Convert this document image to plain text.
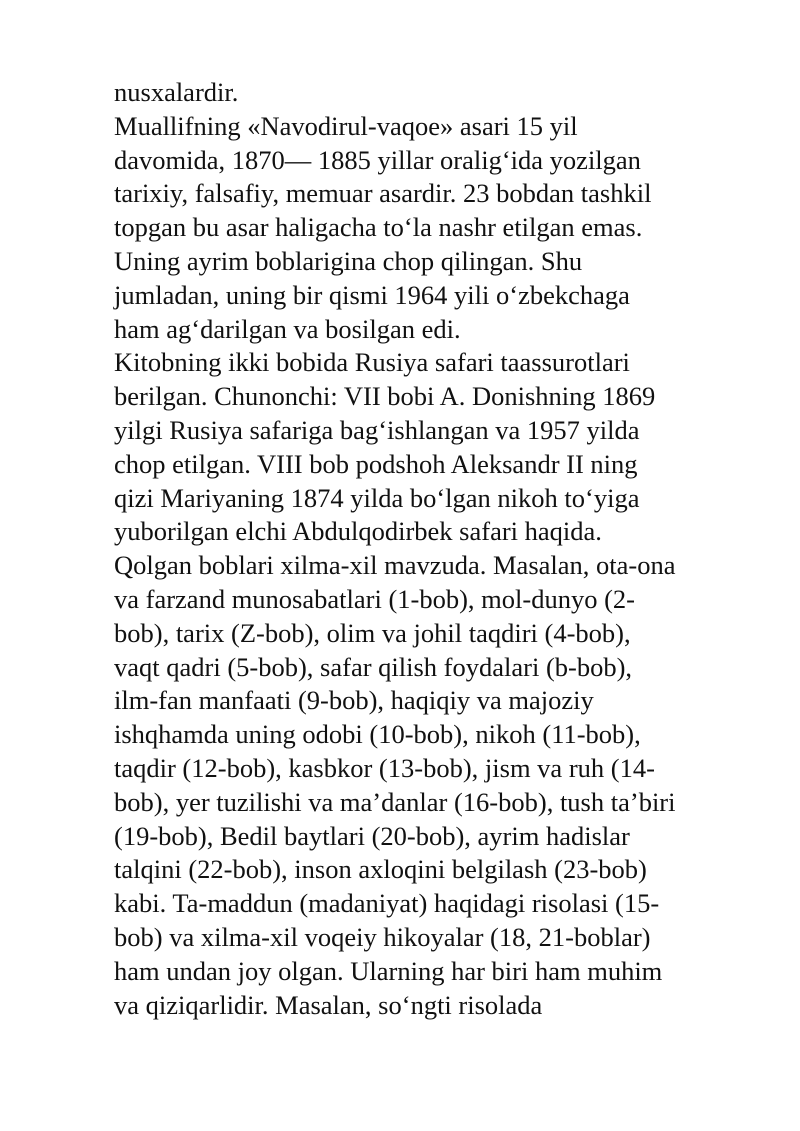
nusxalardir.
Muallifning «Navodirul-vaqoe» asari 15 yil
davomida, 1870— 1885 yillar oralig‘ida yozilgan
tarixiy, falsafiy, memuar asardir. 23 bobdan tashkil
topgan bu asar haligacha to‘la nashr etilgan emas.
Uning ayrim boblarigina chop qilingan. Shu
jumladan, uning bir qismi 1964 yili o‘zbekchaga
ham ag‘darilgan va bosilgan edi.
Kitobning ikki bobida Rusiya safari taassurotlari
berilgan. Chunonchi: VII bobi A. Donishning 1869
yilgi Rusiya safariga bag‘ishlangan va 1957 yilda
chop etilgan. VIII bob podshoh Aleksandr II ning
qizi Mariyaning 1874 yilda bo‘lgan nikoh to‘yiga
yuborilgan elchi Abdulqodirbek safari haqida.
Qolgan boblari xilma-xil mavzuda. Masalan, ota-ona
va farzand munosabatlari (1-bob), mol-dunyo (2-
bob), tarix (Z-bob), olim va johil taqdiri (4-bob),
vaqt qadri (5-bob), safar qilish foydalari (b-bob),
ilm-fan manfaati (9-bob), haqiqiy va majoziy
ishqhamda uning odobi (10-bob), nikoh (11-bob),
taqdir (12-bob), kasbkor (13-bob), jism va ruh (14-
bob), yer tuzilishi va ma’danlar (16-bob), tush ta’biri
(19-bob), Bedil baytlari (20-bob), ayrim hadislar
talqini (22-bob), inson axloqini belgilash (23-bob)
kabi. Ta-maddun (madaniyat) haqidagi risolasi (15-
bob) va xilma-xil voqeiy hikoyalar (18, 21-boblar)
ham undan joy olgan. Ularning har biri ham muhim
va qiziqarlidir. Masalan, so‘ngti risolada
